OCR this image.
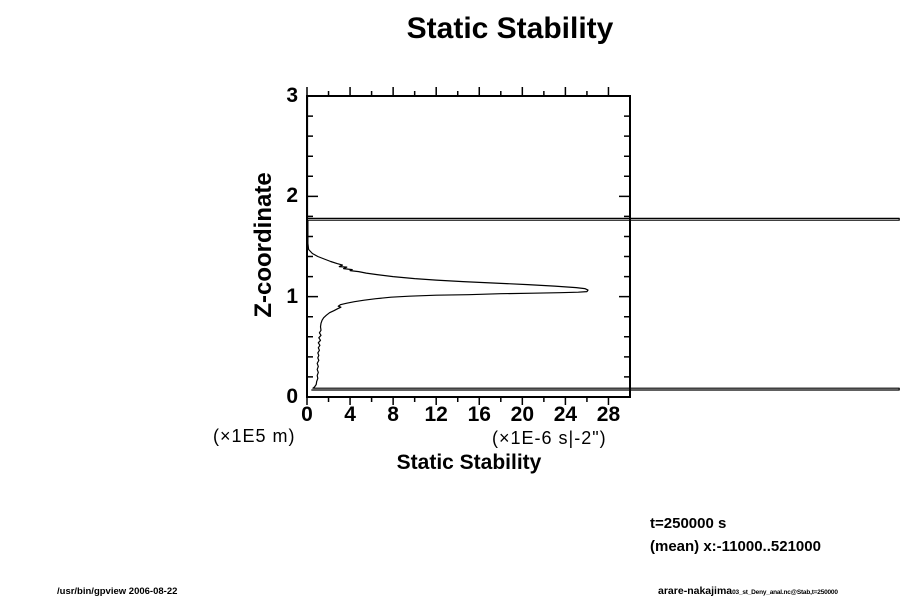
Static Stability
Z-coordinate
(×1E5 m)	(×1E-6 s|-2")
Static Stability
t=250000 s
(mean) x:-11000..521000
/usr/bin/gpview 2006-08-22	arare-nakajima03_st_Deny_anal.nc@Stab,t=250000
0	4	8	12 16 20 24 28
0
1
2
3
